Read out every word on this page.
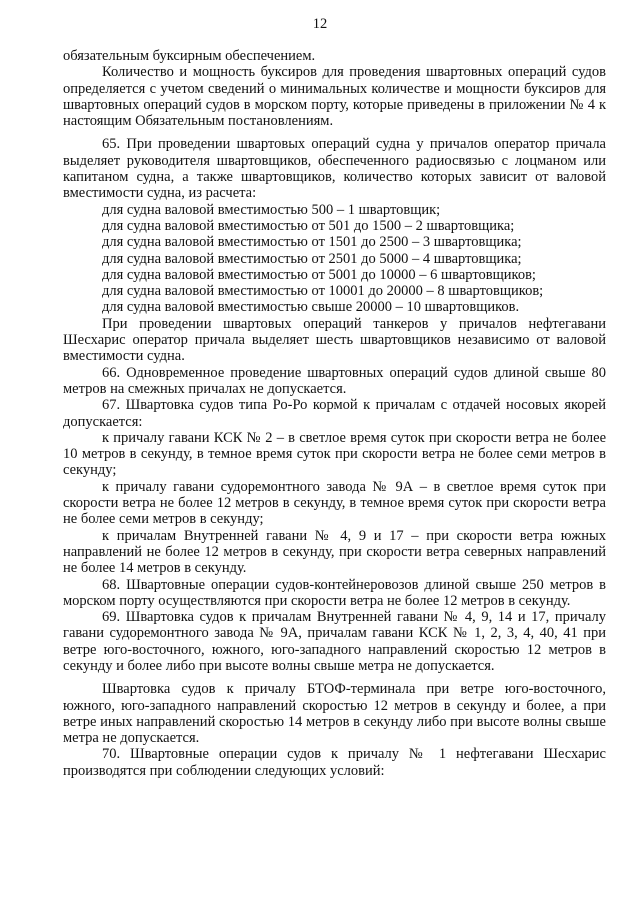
12

обязательным буксирным обеспечением.

Количество и мощность буксиров для проведения швартовных операций судов определяется с учетом сведений о минимальных количестве и мощности буксиров для швартовных операций судов в морском порту, которые приведены в приложении № 4 к настоящим Обязательным постановлениям.

65. При проведении швартовых операций судна у причалов оператор причала выделяет руководителя швартовщиков, обеспеченного радиосвязью с лоцманом или капитаном судна, а также швартовщиков, количество которых зависит от валовой вместимости судна, из расчета:

для судна валовой вместимостью 500 – 1 швартовщик;

для судна валовой вместимостью от 501 до 1500 – 2 швартовщика;

для судна валовой вместимостью от 1501 до 2500 – 3 швартовщика;

для судна валовой вместимостью от 2501 до 5000 – 4 швартовщика;

для судна валовой вместимостью от 5001 до 10000 – 6 швартовщиков;

для судна валовой вместимостью от 10001 до 20000 – 8 швартовщиков;

для судна валовой вместимостью свыше 20000 – 10 швартовщиков.

При проведении швартовых операций танкеров у причалов нефтегавани Шесхарис оператор причала выделяет шесть швартовщиков независимо от валовой вместимости судна.

66. Одновременное проведение швартовных операций судов длиной свыше 80 метров на смежных причалах не допускается.

67. Швартовка судов типа Ро-Ро кормой к причалам с отдачей носовых якорей допускается:

к причалу гавани КСК № 2 – в светлое время суток при скорости ветра не более 10 метров в секунду, в темное время суток при скорости ветра не более семи метров в секунду;

к причалу гавани судоремонтного завода № 9А – в светлое время суток при скорости ветра не более 12 метров в секунду, в темное время суток при скорости ветра не более семи метров в секунду;

к причалам Внутренней гавани № 4, 9 и 17 – при скорости ветра южных направлений не более 12 метров в секунду, при скорости ветра северных направлений не более 14 метров в секунду.

68. Швартовные операции судов-контейнеровозов длиной свыше 250 метров в морском порту осуществляются при скорости ветра не более 12 метров в секунду.

69. Швартовка судов к причалам Внутренней гавани № 4, 9, 14 и 17, причалу гавани судоремонтного завода № 9А, причалам гавани КСК № 1, 2, 3, 4, 40, 41 при ветре юго-восточного, южного, юго-западного направлений скоростью 12 метров в секунду и более либо при высоте волны свыше метра не допускается.

Швартовка судов к причалу БТОФ-терминала при ветре юго-восточного, южного, юго-западного направлений скоростью 12 метров в секунду и более, а при ветре иных направлений скоростью 14 метров в секунду либо при высоте волны свыше метра не допускается.

70. Швартовные операции судов к причалу № 1 нефтегавани Шесхарис производятся при соблюдении следующих условий:
